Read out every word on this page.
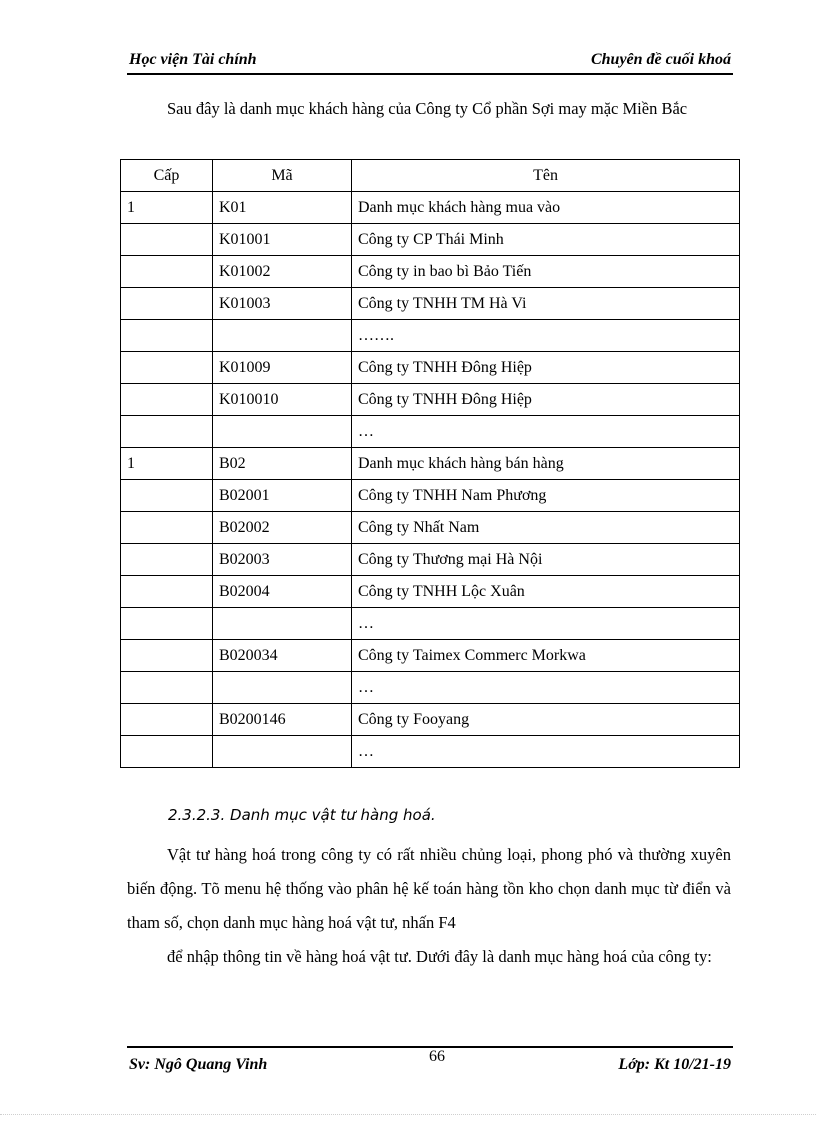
Học viện Tài chính	Chuyên đề cuối khoá
Sau đây là danh mục khách hàng của Công ty Cổ phần Sợi may mặc Miền Bắc
Cấp	Mã	Tên
1	K01	Danh mục khách hàng mua vào
	K01001	Công ty CP Thái Minh
	K01002	Công ty in bao bì Bảo Tiến
	K01003	Công ty TNHH TM Hà Vi
		…….
	K01009	Công ty TNHH Đông Hiệp
	K010010	Công ty TNHH Đông Hiệp
		…
1	B02	Danh mục khách hàng bán hàng
	B02001	Công ty TNHH Nam Phương
	B02002	Công ty Nhất Nam
	B02003	Công ty Thương mại Hà Nội
	B02004	Công ty TNHH Lộc Xuân
		…
	B020034	Công ty Taimex Commerc Morkwa
		…
	B0200146	Công ty Fooyang
		…
2.3.2.3. Danh mục vật tư hàng hoá.

Vật tư hàng hoá trong công ty có rất nhiều chủng loại, phong phó và thường xuyên biến động. Tõ menu hệ thống vào phân hệ kế toán hàng tồn kho chọn danh mục từ điển và tham số, chọn danh mục hàng hoá vật tư, nhấn F4

để nhập thông tin về hàng hoá vật tư. Dưới đây là danh mục hàng hoá của công ty:

Sv: Ngô Quang Vinh	66	Lớp: Kt 10/21-19
